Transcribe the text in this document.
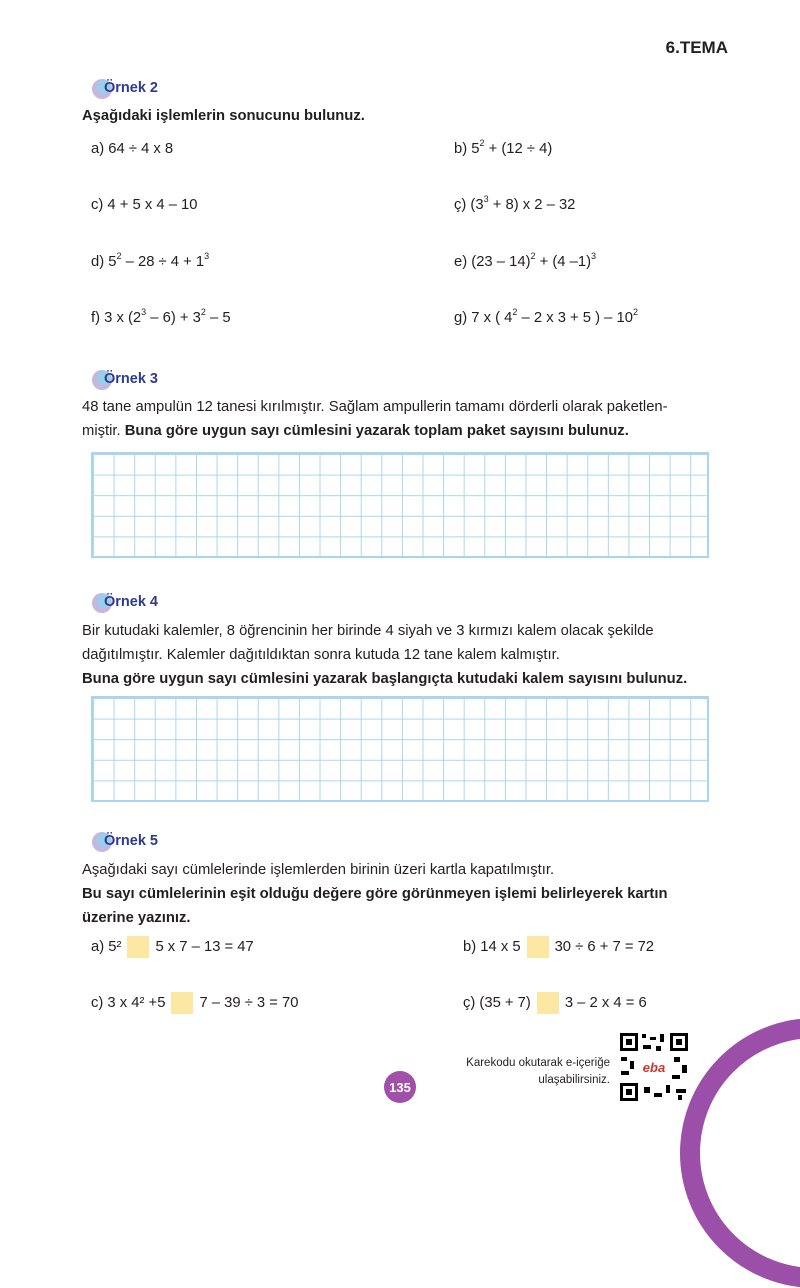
6.TEMA
Örnek 2
Aşağıdaki işlemlerin sonucunu bulunuz.
a) 64 ÷ 4 x 8	b) $5^2 + (12 \div 4)$
c) 4 + 5 x 4 – 10	ç) $(3^3 + 8)$ x 2 – 32
d) $5^2 - 28 \div 4 + 1^3$	e) (23 – 14)$^2$ + (4 –1)$^3$
f) 3 x $(2^3 - 6) + 3^2 - 5$	g) 7 x ( $4^2 - 2$ x 3 + 5 ) – $10^2$
Örnek 3
48 tane ampulün 12 tanesi kırılmıştır. Sağlam ampullerin tamamı dörderli olarak paketlen-
miştir. Buna göre uygun sayı cümlesini yazarak toplam paket sayısını bulunuz.
Örnek 4
Bir kutudaki kalemler, 8 öğrencinin her birinde 4 siyah ve 3 kırmızı kalem olacak şekilde
dağıtılmıştır. Kalemler dağıtıldıktan sonra kutuda 12 tane kalem kalmıştır.
Buna göre uygun sayı cümlesini yazarak başlangıçta kutudaki kalem sayısını bulunuz.
Örnek 5
Aşağıdaki sayı cümlelerinde işlemlerden birinin üzeri kartla kapatılmıştır.
Bu sayı cümlelerinin eşit olduğu değere göre görünmeyen işlemi belirleyerek kartın
üzerine yazınız.
a) 5² 5 x 7 – 13 = 47	b) 14 x 5 30 ÷ 6 + 7 = 72
c) 3 x 4² +5 7 – 39 ÷ 3 = 70	ç) (35 + 7) 3 – 2 x 4 = 6
135
Karekodu okutarak e-içeriğe
ulaşabilirsiniz.
eba
